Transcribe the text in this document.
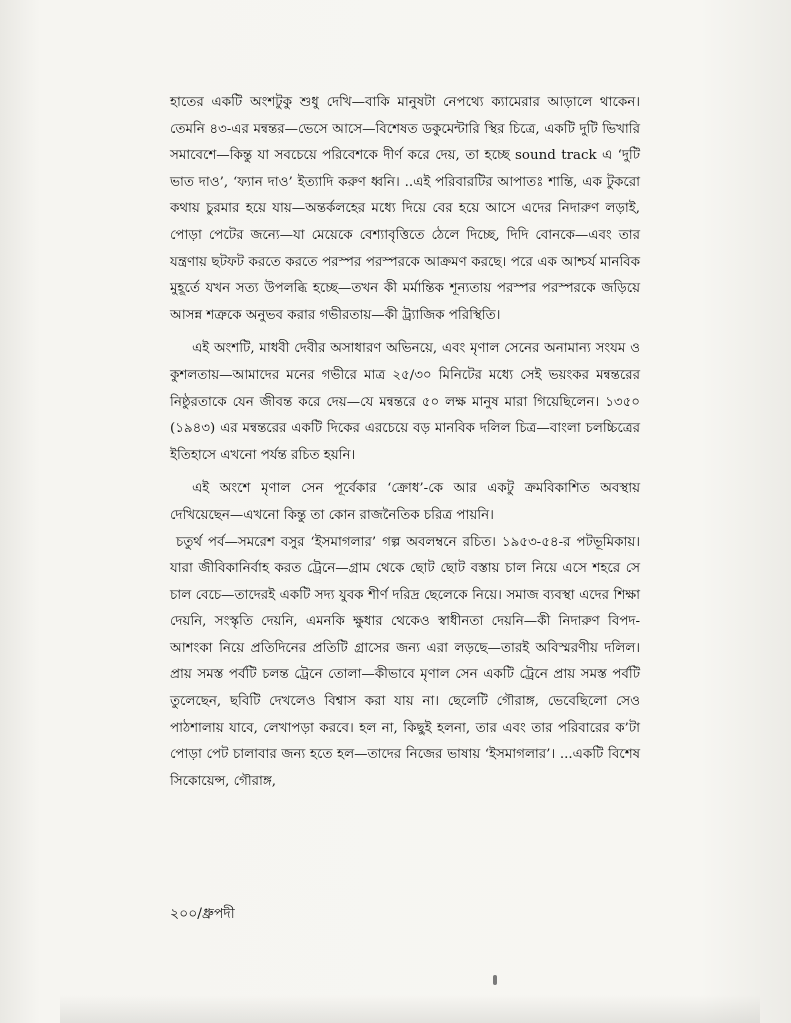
হাতের একটি অংশটুকু শুধু দেখি—বাকি মানুষটা নেপথ্যে ক্যামেরার আড়ালে থাকেন। তেমনি ৪৩-এর মন্বন্তর—ভেসে আসে—বিশেষত ডকুমেন্টারি স্থির চিত্রে, একটি দুটি ভিখারি সমাবেশে—কিন্তু যা সবচেয়ে পরিবেশকে দীর্ণ করে দেয়, তা হচ্ছে sound track এ ‘দুটি ভাত দাও’, ‘ফ্যান দাও’ ইত্যাদি করুণ ধ্বনি। ..এই পরিবারটির আপাতঃ শান্তি, এক টুকরো কথায় চুরমার হয়ে যায়—অন্তর্কলহের মধ্যে দিয়ে বের হয়ে আসে এদের নিদারুণ লড়াই, পোড়া পেটের জন্যে—যা মেয়েকে বেশ্যাবৃত্তিতে ঠেলে দিচ্ছে, দিদি বোনকে—এবং তার যন্ত্রণায় ছটফট করতে করতে পরস্পর পরস্পরকে আক্রমণ করছে। পরে এক আশ্চর্য মানবিক মুহূর্তে যখন সত্য উপলব্ধি হচ্ছে—তখন কী মর্মান্তিক শূন্যতায় পরস্পর পরস্পরকে জড়িয়ে আসন্ন শত্রুকে অনুভব করার গভীরতায়—কী ট্র্যাজিক পরিস্থিতি।

এই অংশটি, মাধবী দেবীর অসাধারণ অভিনয়ে, এবং মৃণাল সেনের অনামান্য সংযম ও কুশলতায়—আমাদের মনের গভীরে মাত্র ২৫/৩০ মিনিটের মধ্যে সেই ভয়ংকর মন্বন্তরের নিষ্ঠুরতাকে যেন জীবন্ত করে দেয়—যে মন্বন্তরে ৫০ লক্ষ মানুষ মারা গিয়েছিলেন। ১৩৫০ (১৯৪৩) এর মন্বন্তরের একটি দিকের এরচেয়ে বড় মানবিক দলিল চিত্র—বাংলা চলচ্চিত্রের ইতিহাসে এখনো পর্যন্ত রচিত হয়নি।

এই অংশে মৃণাল সেন পূর্বেকার ‘ক্রোধ’-কে আর একটু ক্রমবিকাশিত অবস্থায় দেখিয়েছেন—এখনো কিন্তু তা কোন রাজনৈতিক চরিত্র পায়নি।

চতুর্থ পর্ব—সমরেশ বসুর ‘ইসমাগলার’ গল্প অবলম্বনে রচিত। ১৯৫৩-৫৪-র পটভূমিকায়। যারা জীবিকানির্বাহ করত ট্রেনে—গ্রাম থেকে ছোট ছোট বস্তায় চাল নিয়ে এসে শহরে সে চাল বেচে—তাদেরই একটি সদ্য যুবক শীর্ণ দরিদ্র ছেলেকে নিয়ে। সমাজ ব্যবস্থা এদের শিক্ষা দেয়নি, সংস্কৃতি দেয়নি, এমনকি ক্ষুধার থেকেও স্বাধীনতা দেয়নি—কী নিদারুণ বিপদ-আশংকা নিয়ে প্রতিদিনের প্রতিটি গ্রাসের জন্য এরা লড়ছে—তারই অবিস্মরণীয় দলিল। প্রায় সমস্ত পর্বটি চলন্ত ট্রেনে তোলা—কীভাবে মৃণাল সেন একটি ট্রেনে প্রায় সমস্ত পর্বটি তুলেছেন, ছবিটি দেখলেও বিশ্বাস করা যায় না। ছেলেটি গৌরাঙ্গ, ভেবেছিলো সেও পাঠশালায় যাবে, লেখাপড়া করবে। হল না, কিছুই হলনা, তার এবং তার পরিবারের ক’টা পোড়া পেট চালাবার জন্য হতে হল—তাদের নিজের ভাষায় ‘ইসমাগলার’। ...একটি বিশেষ সিকোয়েন্স, গৌরাঙ্গ,

২০০/ধ্রুপদী
